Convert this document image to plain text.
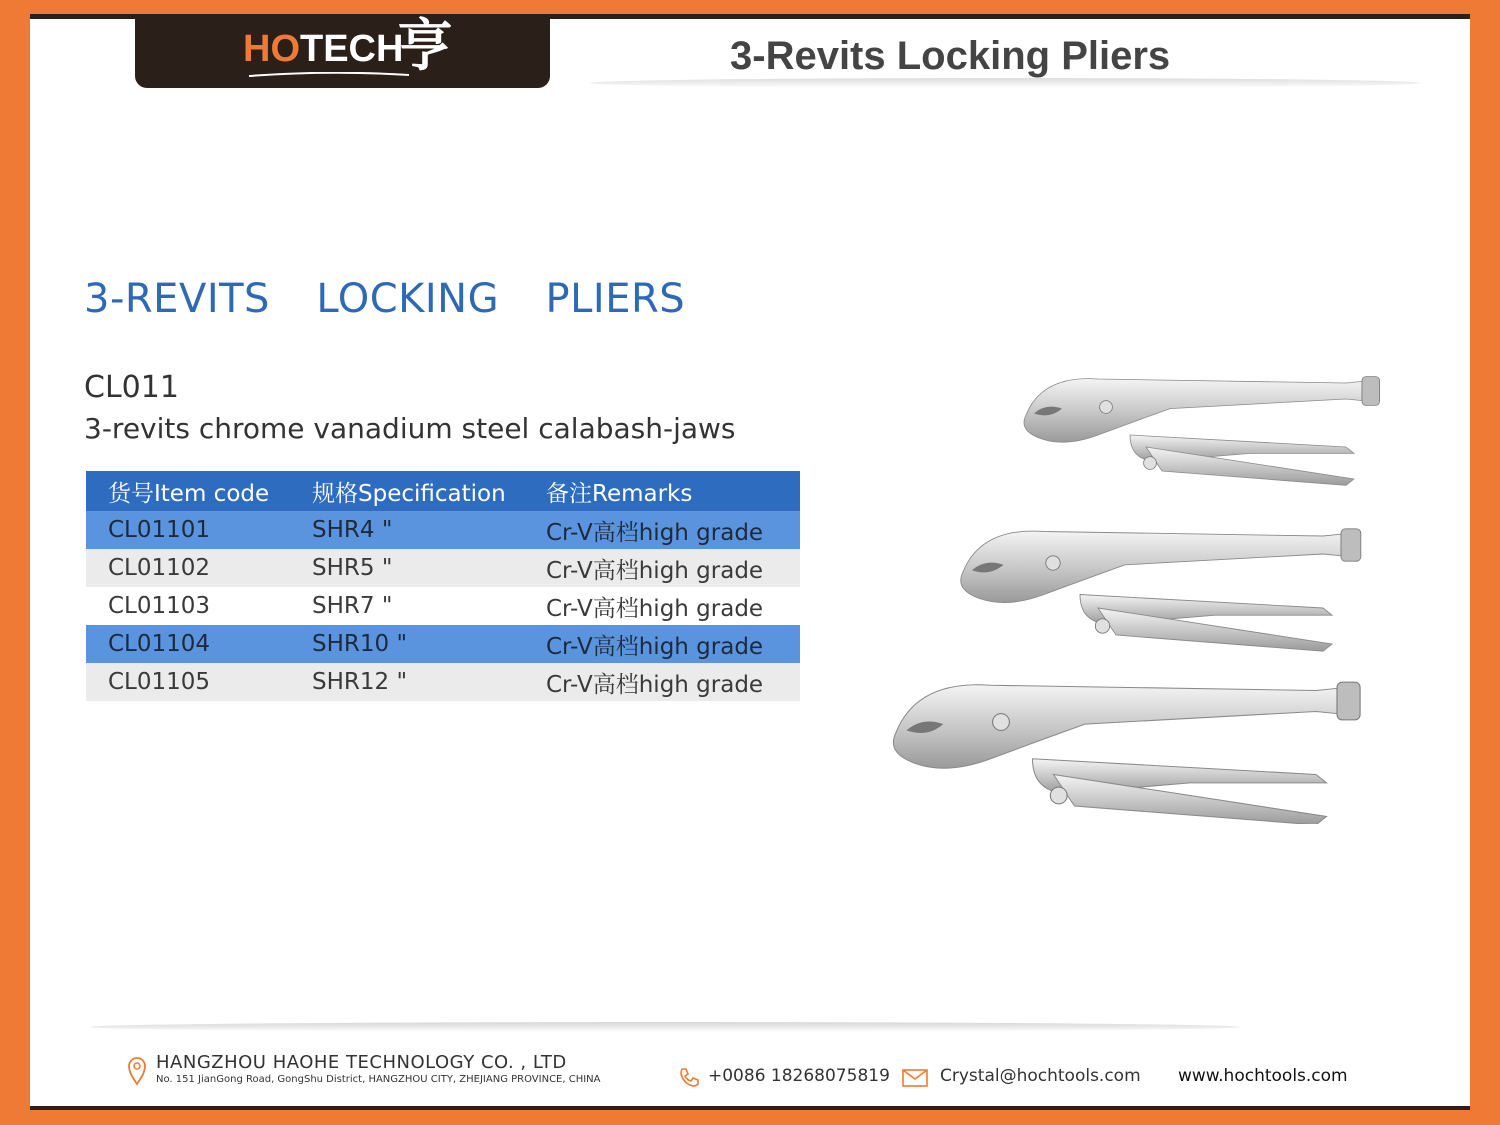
HOTECH
亨	3-Revits Locking Pliers
3-REVITS  LOCKING  PLIERS
CL011
3-revits chrome vanadium steel calabash-jaws
货号Item code	规格Specification	备注Remarks
CL01101	SHR4 "	Cr-V高档high grade
CL01102	SHR5 "	Cr-V高档high grade
CL01103	SHR7 "	Cr-V高档high grade
CL01104	SHR10 "	Cr-V高档high grade
CL01105	SHR12 "	Cr-V高档high grade
HANGZHOU HAOHE TECHNOLOGY CO. , LTD
No. 151 JianGong Road, GongShu District, HANGZHOU CITY, ZHEJIANG PROVINCE, CHINA	+0086 18268075819	Crystal@hochtools.com www.hochtools.com
